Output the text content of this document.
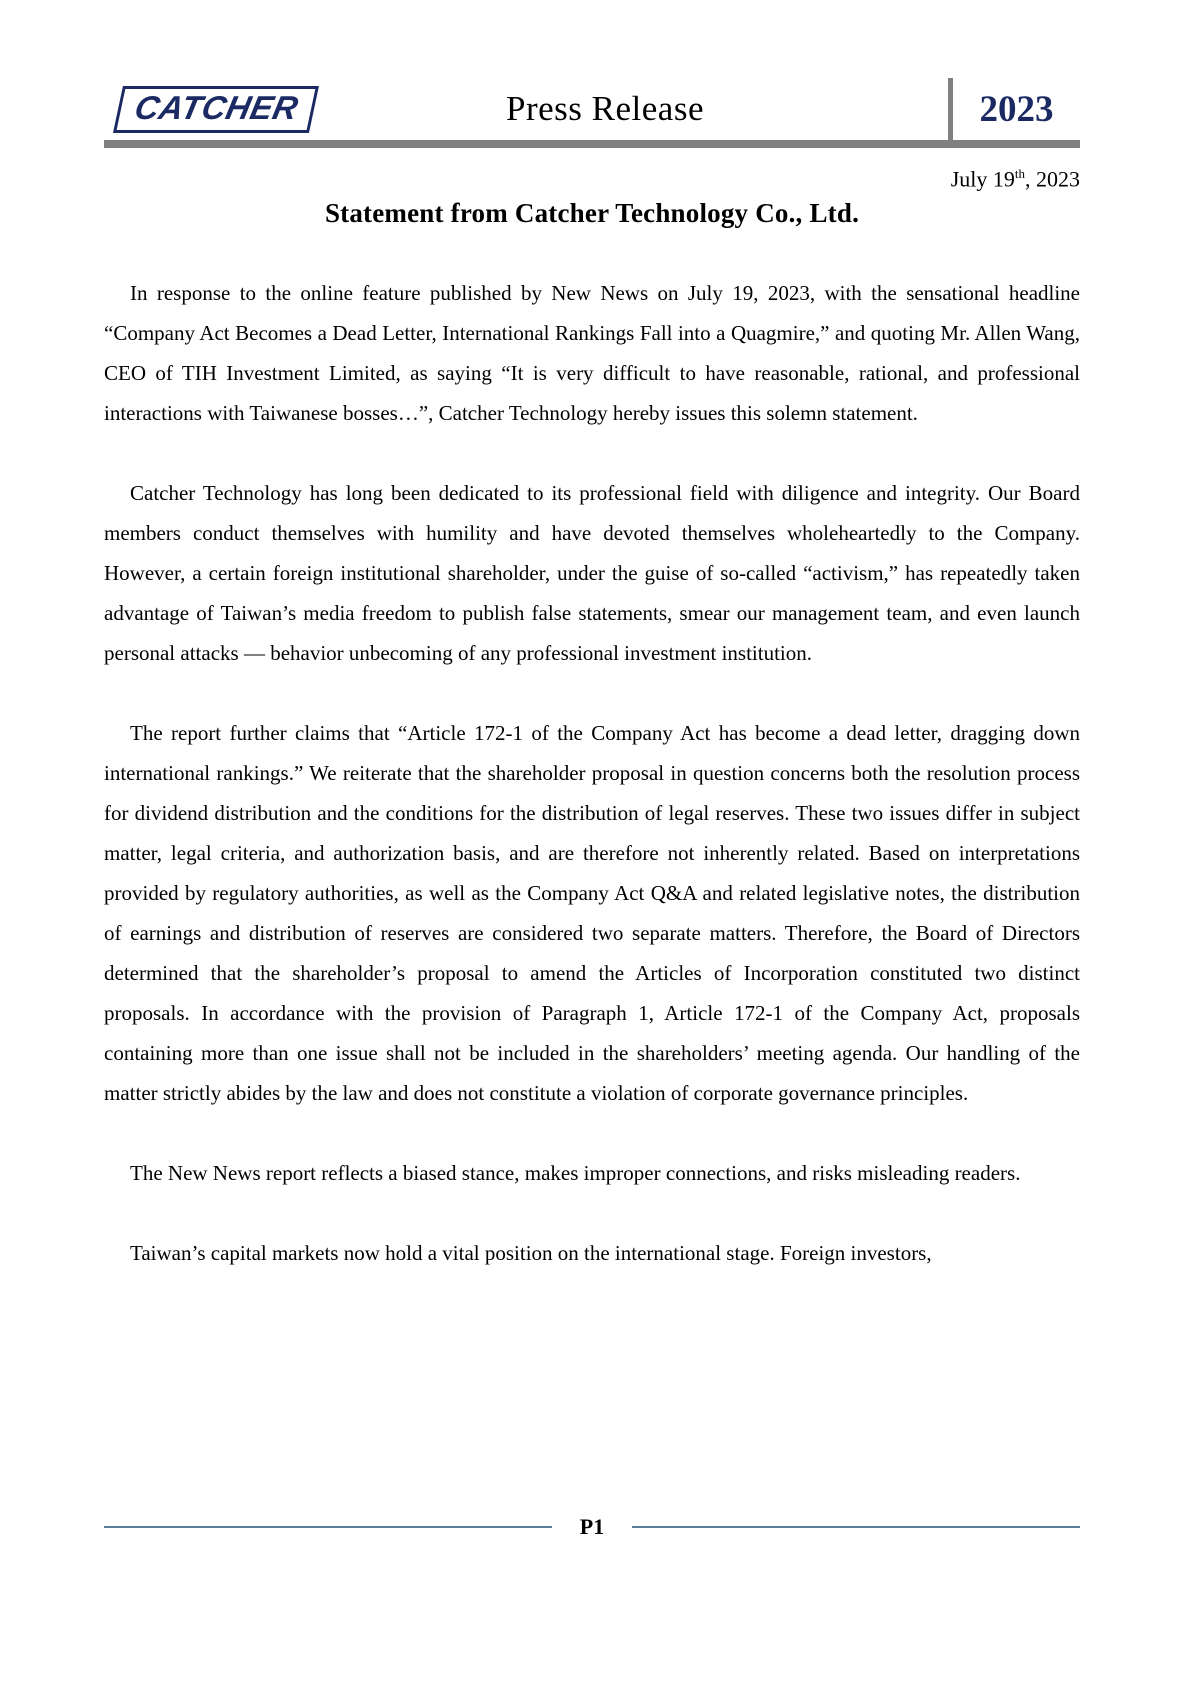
CATCHER	Press Release	2023
July 19th, 2023
Statement from Catcher Technology Co., Ltd.

In response to the online feature published by New News on July 19, 2023, with the sensational headline “Company Act Becomes a Dead Letter, International Rankings Fall into a Quagmire,” and quoting Mr. Allen Wang, CEO of TIH Investment Limited, as saying “It is very difficult to have reasonable, rational, and professional interactions with Taiwanese bosses…”, Catcher Technology hereby issues this solemn statement.

Catcher Technology has long been dedicated to its professional field with diligence and integrity. Our Board members conduct themselves with humility and have devoted themselves wholeheartedly to the Company. However, a certain foreign institutional shareholder, under the guise of so-called “activism,” has repeatedly taken advantage of Taiwan’s media freedom to publish false statements, smear our management team, and even launch personal attacks — behavior unbecoming of any professional investment institution.

The report further claims that “Article 172-1 of the Company Act has become a dead letter, dragging down international rankings.” We reiterate that the shareholder proposal in question concerns both the resolution process for dividend distribution and the conditions for the distribution of legal reserves. These two issues differ in subject matter, legal criteria, and authorization basis, and are therefore not inherently related. Based on interpretations provided by regulatory authorities, as well as the Company Act Q&A and related legislative notes, the distribution of earnings and distribution of reserves are considered two separate matters. Therefore, the Board of Directors determined that the shareholder’s proposal to amend the Articles of Incorporation constituted two distinct proposals. In accordance with the provision of Paragraph 1, Article 172-1 of the Company Act, proposals containing more than one issue shall not be included in the shareholders’ meeting agenda. Our handling of the matter strictly abides by the law and does not constitute a violation of corporate governance principles.

The New News report reflects a biased stance, makes improper connections, and risks misleading readers.

Taiwan’s capital markets now hold a vital position on the international stage. Foreign investors,

P1
